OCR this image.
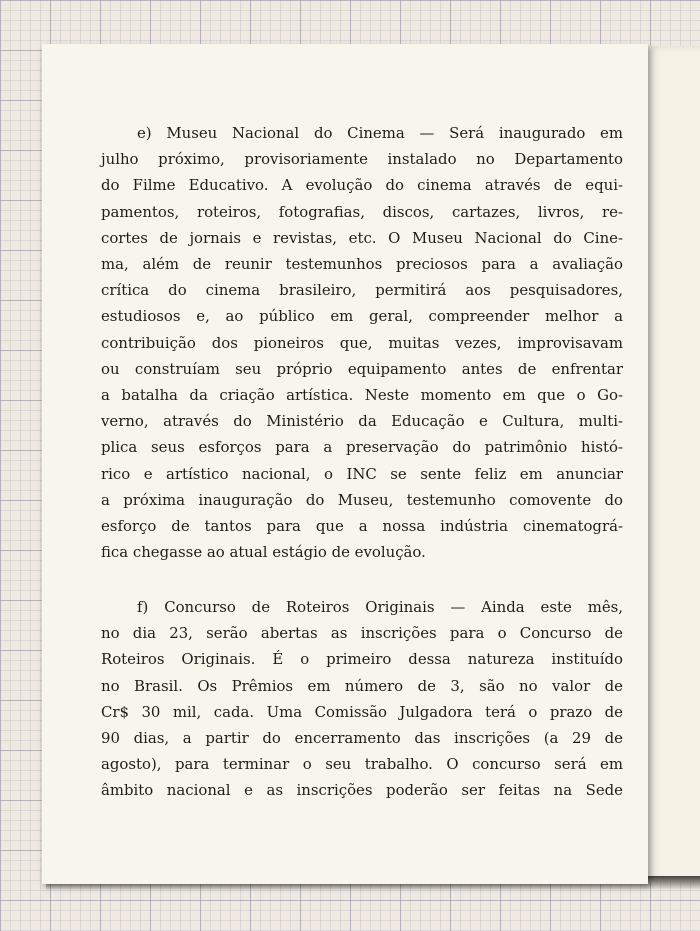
e) Museu Nacional do Cinema — Será inaugurado em
julho próximo, provisoriamente instalado no Departamento
do Filme Educativo. A evolução do cinema através de equi-
pamentos, roteiros, fotografias, discos, cartazes, livros, re-
cortes de jornais e revistas, etc. O Museu Nacional do Cine-
ma, além de reunir testemunhos preciosos para a avaliação
crítica do cinema brasileiro, permitirá aos pesquisadores,
estudiosos e, ao público em geral, compreender melhor a
contribuição dos pioneiros que, muitas vezes, improvisavam
ou construíam seu próprio equipamento antes de enfrentar
a batalha da criação artística. Neste momento em que o Go-
verno, através do Ministério da Educação e Cultura, multi-
plica seus esforços para a preservação do patrimônio histó-
rico e artístico nacional, o INC se sente feliz em anunciar
a próxima inauguração do Museu, testemunho comovente do
esforço de tantos para que a nossa indústria cinematográ-
fica chegasse ao atual estágio de evolução.
f) Concurso de Roteiros Originais — Ainda este mês,
no dia 23, serão abertas as inscrições para o Concurso de
Roteiros Originais. É o primeiro dessa natureza instituído
no Brasil. Os Prêmios em número de 3, são no valor de
Cr$ 30 mil, cada. Uma Comissão Julgadora terá o prazo de
90 dias, a partir do encerramento das inscrições (a 29 de
agosto), para terminar o seu trabalho. O concurso será em
âmbito nacional e as inscrições poderão ser feitas na Sede
